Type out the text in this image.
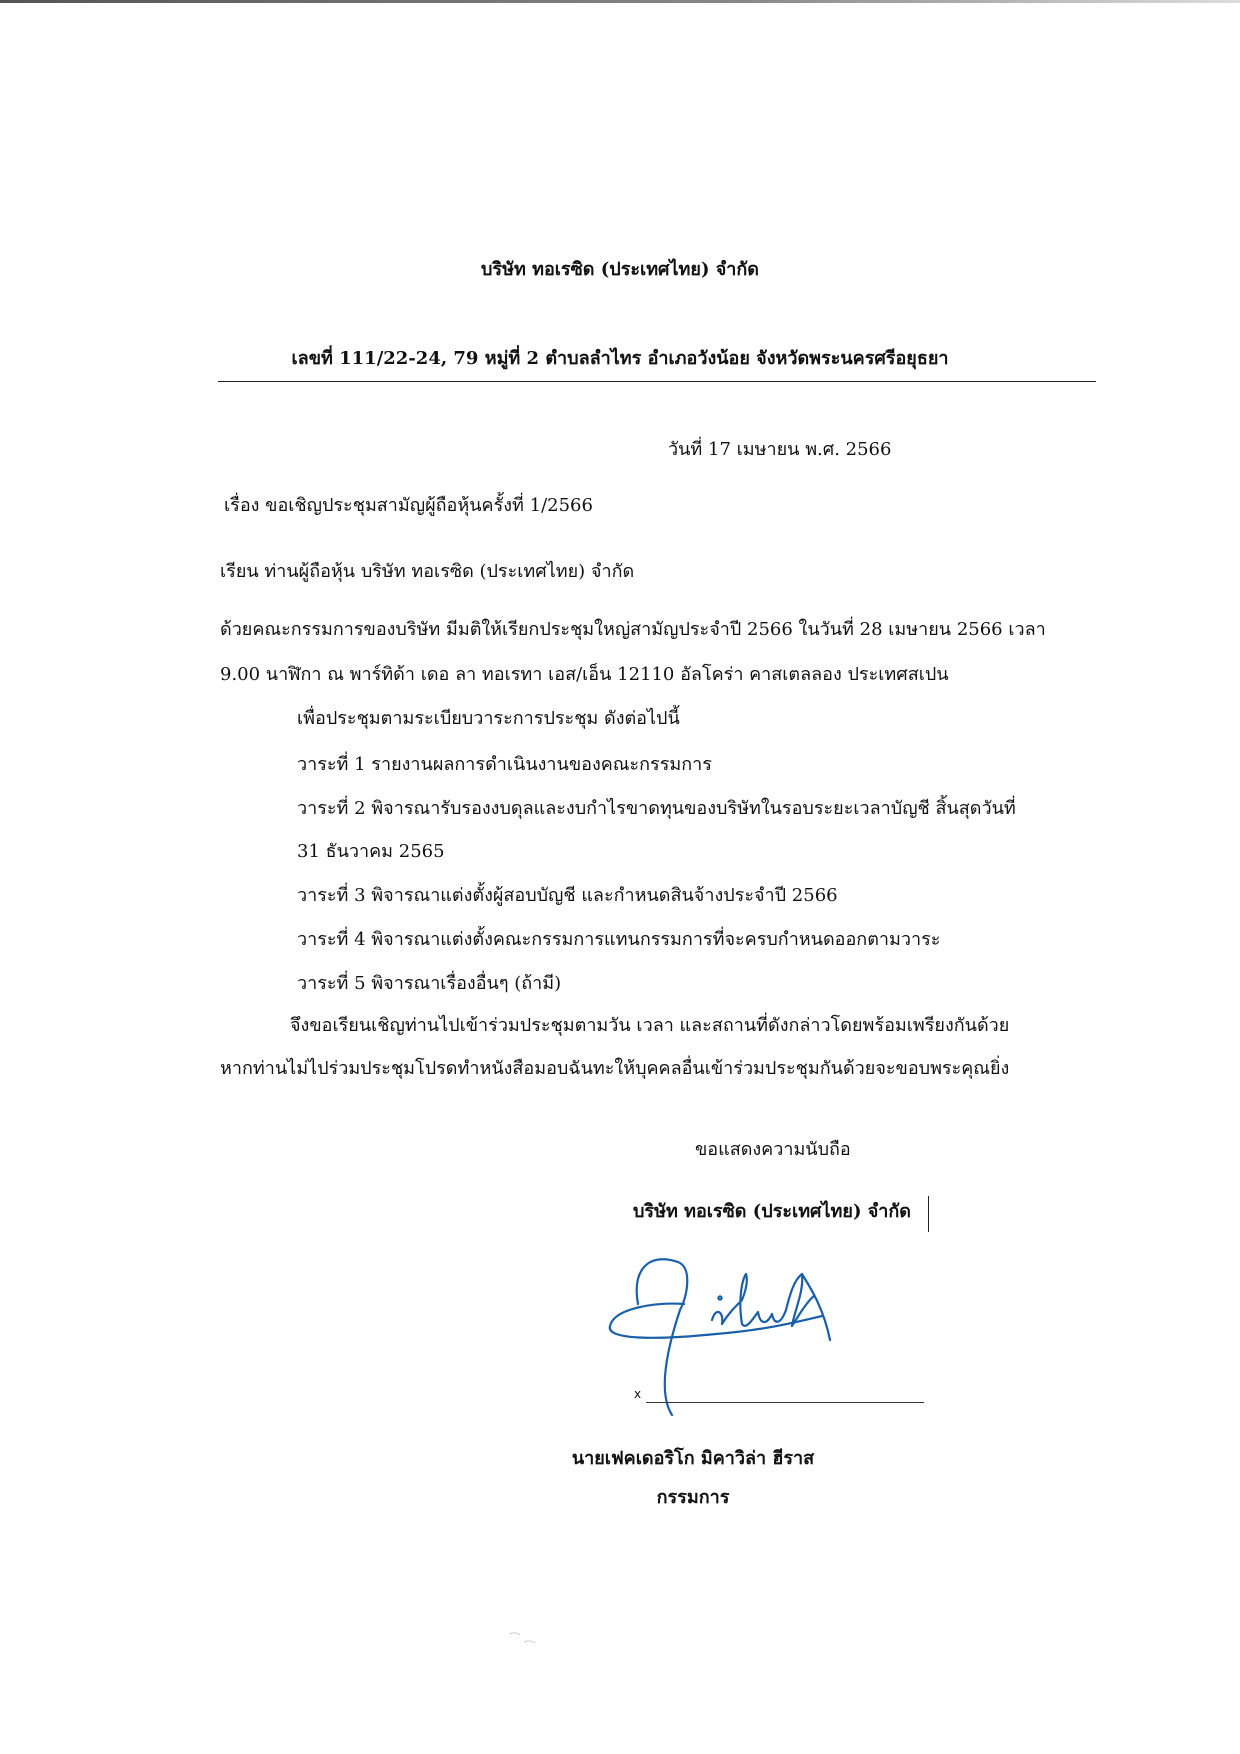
บริษัท ทอเรซิด (ประเทศไทย) จำกัด
เลขที่ 111/22-24, 79 หมู่ที่ 2 ตำบลลำไทร อำเภอวังน้อย จังหวัดพระนครศรีอยุธยา
วันที่ 17 เมษายน พ.ศ. 2566
เรื่อง ขอเชิญประชุมสามัญผู้ถือหุ้นครั้งที่ 1/2566
เรียน ท่านผู้ถือหุ้น บริษัท ทอเรซิด (ประเทศไทย) จำกัด
ด้วยคณะกรรมการของบริษัท มีมติให้เรียกประชุมใหญ่สามัญประจำปี 2566 ในวันที่ 28 เมษายน 2566 เวลา
9.00 นาฬิกา ณ พาร์ทิด้า เดอ ลา ทอเรทา เอส/เอ็น 12110 อัลโคร่า คาสเตลลอง ประเทศสเปน
เพื่อประชุมตามระเบียบวาระการประชุม ดังต่อไปนี้
วาระที่ 1 รายงานผลการดำเนินงานของคณะกรรมการ
วาระที่ 2 พิจารณารับรองงบดุลและงบกำไรขาดทุนของบริษัทในรอบระยะเวลาบัญชี สิ้นสุดวันที่
31 ธันวาคม 2565
วาระที่ 3 พิจารณาแต่งตั้งผู้สอบบัญชี และกำหนดสินจ้างประจำปี 2566
วาระที่ 4 พิจารณาแต่งตั้งคณะกรรมการแทนกรรมการที่จะครบกำหนดออกตามวาระ
วาระที่ 5 พิจารณาเรื่องอื่นๆ (ถ้ามี)
จึงขอเรียนเชิญท่านไปเข้าร่วมประชุมตามวัน เวลา และสถานที่ดังกล่าวโดยพร้อมเพรียงกันด้วย
หากท่านไม่ไปร่วมประชุมโปรดทำหนังสือมอบฉันทะให้บุคคลอื่นเข้าร่วมประชุมกันด้วยจะขอบพระคุณยิ่ง
ขอแสดงความนับถือ
บริษัท ทอเรซิด (ประเทศไทย) จำกัด
x
นายเฟคเดอริโก มิคาวิล่า ฮีราส
กรรมการ
